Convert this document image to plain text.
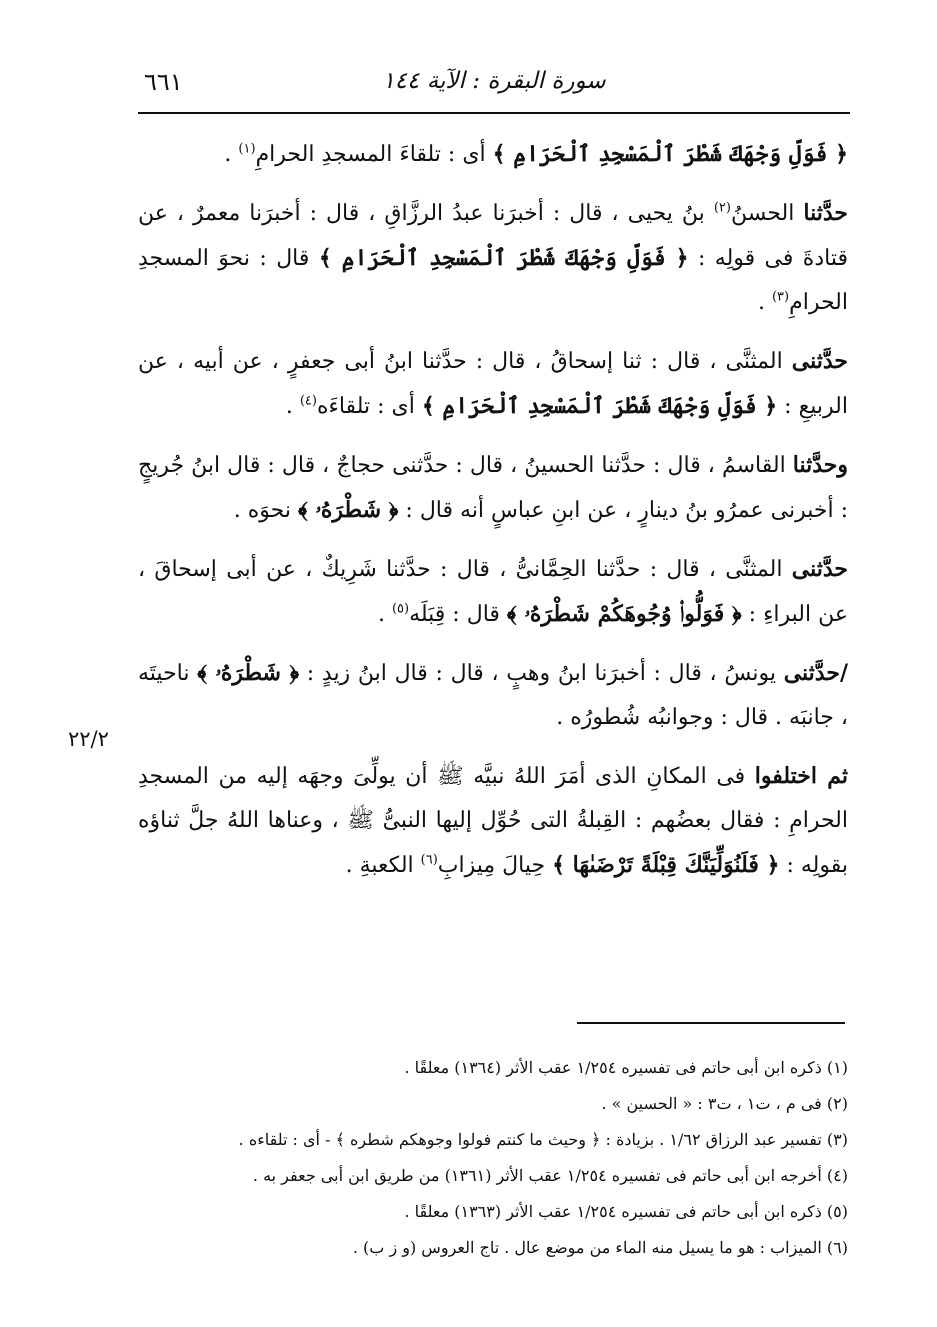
٦٦١	سورة البقرة : الآية ١٤٤

﴿ فَوَلِّ وَجْهَكَ شَطْرَ ٱلْمَسْجِدِ ٱلْحَرَامِ ﴾ أى : تلقاءَ المسجدِ الحرامِ$^{(١)}$ .

حدَّثنا الحسنُ$^{(٢)}$ بنُ يحيى ، قال : أخبرَنا عبدُ الرزَّاقِ ، قال : أخبرَنا معمرٌ ، عن قتادةَ فى قولِه : ﴿ فَوَلِّ وَجْهَكَ شَطْرَ ٱلْمَسْجِدِ ٱلْحَرَامِ ﴾ قال : نحوَ المسجدِ الحرامِ$^{(٣)}$ .

حدَّثنى المثنَّى ، قال : ثنا إسحاقُ ، قال : حدَّثنا ابنُ أبى جعفرٍ ، عن أبيه ، عن الربيعِ : ﴿ فَوَلِّ وَجْهَكَ شَطْرَ ٱلْمَسْجِدِ ٱلْحَرَامِ ﴾ أى : تلقاءَه$^{(٤)}$ .

وحدَّثنا القاسمُ ، قال : حدَّثنا الحسينُ ، قال : حدَّثنى حجاجٌ ، قال : قال ابنُ جُريجٍ : أخبرنى عمرُو بنُ دينارٍ ، عن ابنِ عباسٍ أنه قال : ﴿ شَطْرَهُۥ ﴾ نحوَه .

حدَّثنى المثنَّى ، قال : حدَّثنا الحِمَّانىُّ ، قال : حدَّثنا شَرِيكٌ ، عن أبى إسحاقَ ، عن البراءِ : ﴿ فَوَلُّوا۟ وُجُوهَكُمْ شَطْرَهُۥ ﴾ قال : قِبَلَه$^{(٥)}$ .

/حدَّثنى يونسُ ، قال : أخبرَنا ابنُ وهبٍ ، قال : قال ابنُ زيدٍ : ﴿ شَطْرَهُۥ ﴾ ناحيتَه ، جانبَه . قال : وجوانبُه شُطورُه .

ثم اختلفوا فى المكانِ الذى أمَرَ اللهُ نبيَّه ﷺ أن يولِّىَ وجهَه إليه من المسجدِ الحرامِ : فقال بعضُهم : القِبلةُ التى حُوِّل إليها النبىُّ ﷺ ، وعناها اللهُ جلَّ ثناؤه بقولِه : ﴿ فَلَنُوَلِّيَنَّكَ قِبْلَةً تَرْضَىٰهَا ﴾ حِيالَ مِيزابِ$^{(٦)}$ الكعبةِ .

٢٢/٢

(١) ذكره ابن أبى حاتم فى تفسيره ١/٢٥٤ عقب الأثر (١٣٦٤) معلقًا .

(٢) فى م ، ت١ ، ت٣ : « الحسين » .

(٣) تفسير عبد الرزاق ١/٦٢ . بزيادة : ﴿ وحيث ما كنتم فولوا وجوهكم شطره ﴾ - أى : تلقاءه .

(٤) أخرجه ابن أبى حاتم فى تفسيره ١/٢٥٤ عقب الأثر (١٣٦١) من طريق ابن أبى جعفر به .

(٥) ذكره ابن أبى حاتم فى تفسيره ١/٢٥٤ عقب الأثر (١٣٦٣) معلقًا .

(٦) الميزاب : هو ما يسيل منه الماء من موضع عال . تاج العروس (و ز ب) .
